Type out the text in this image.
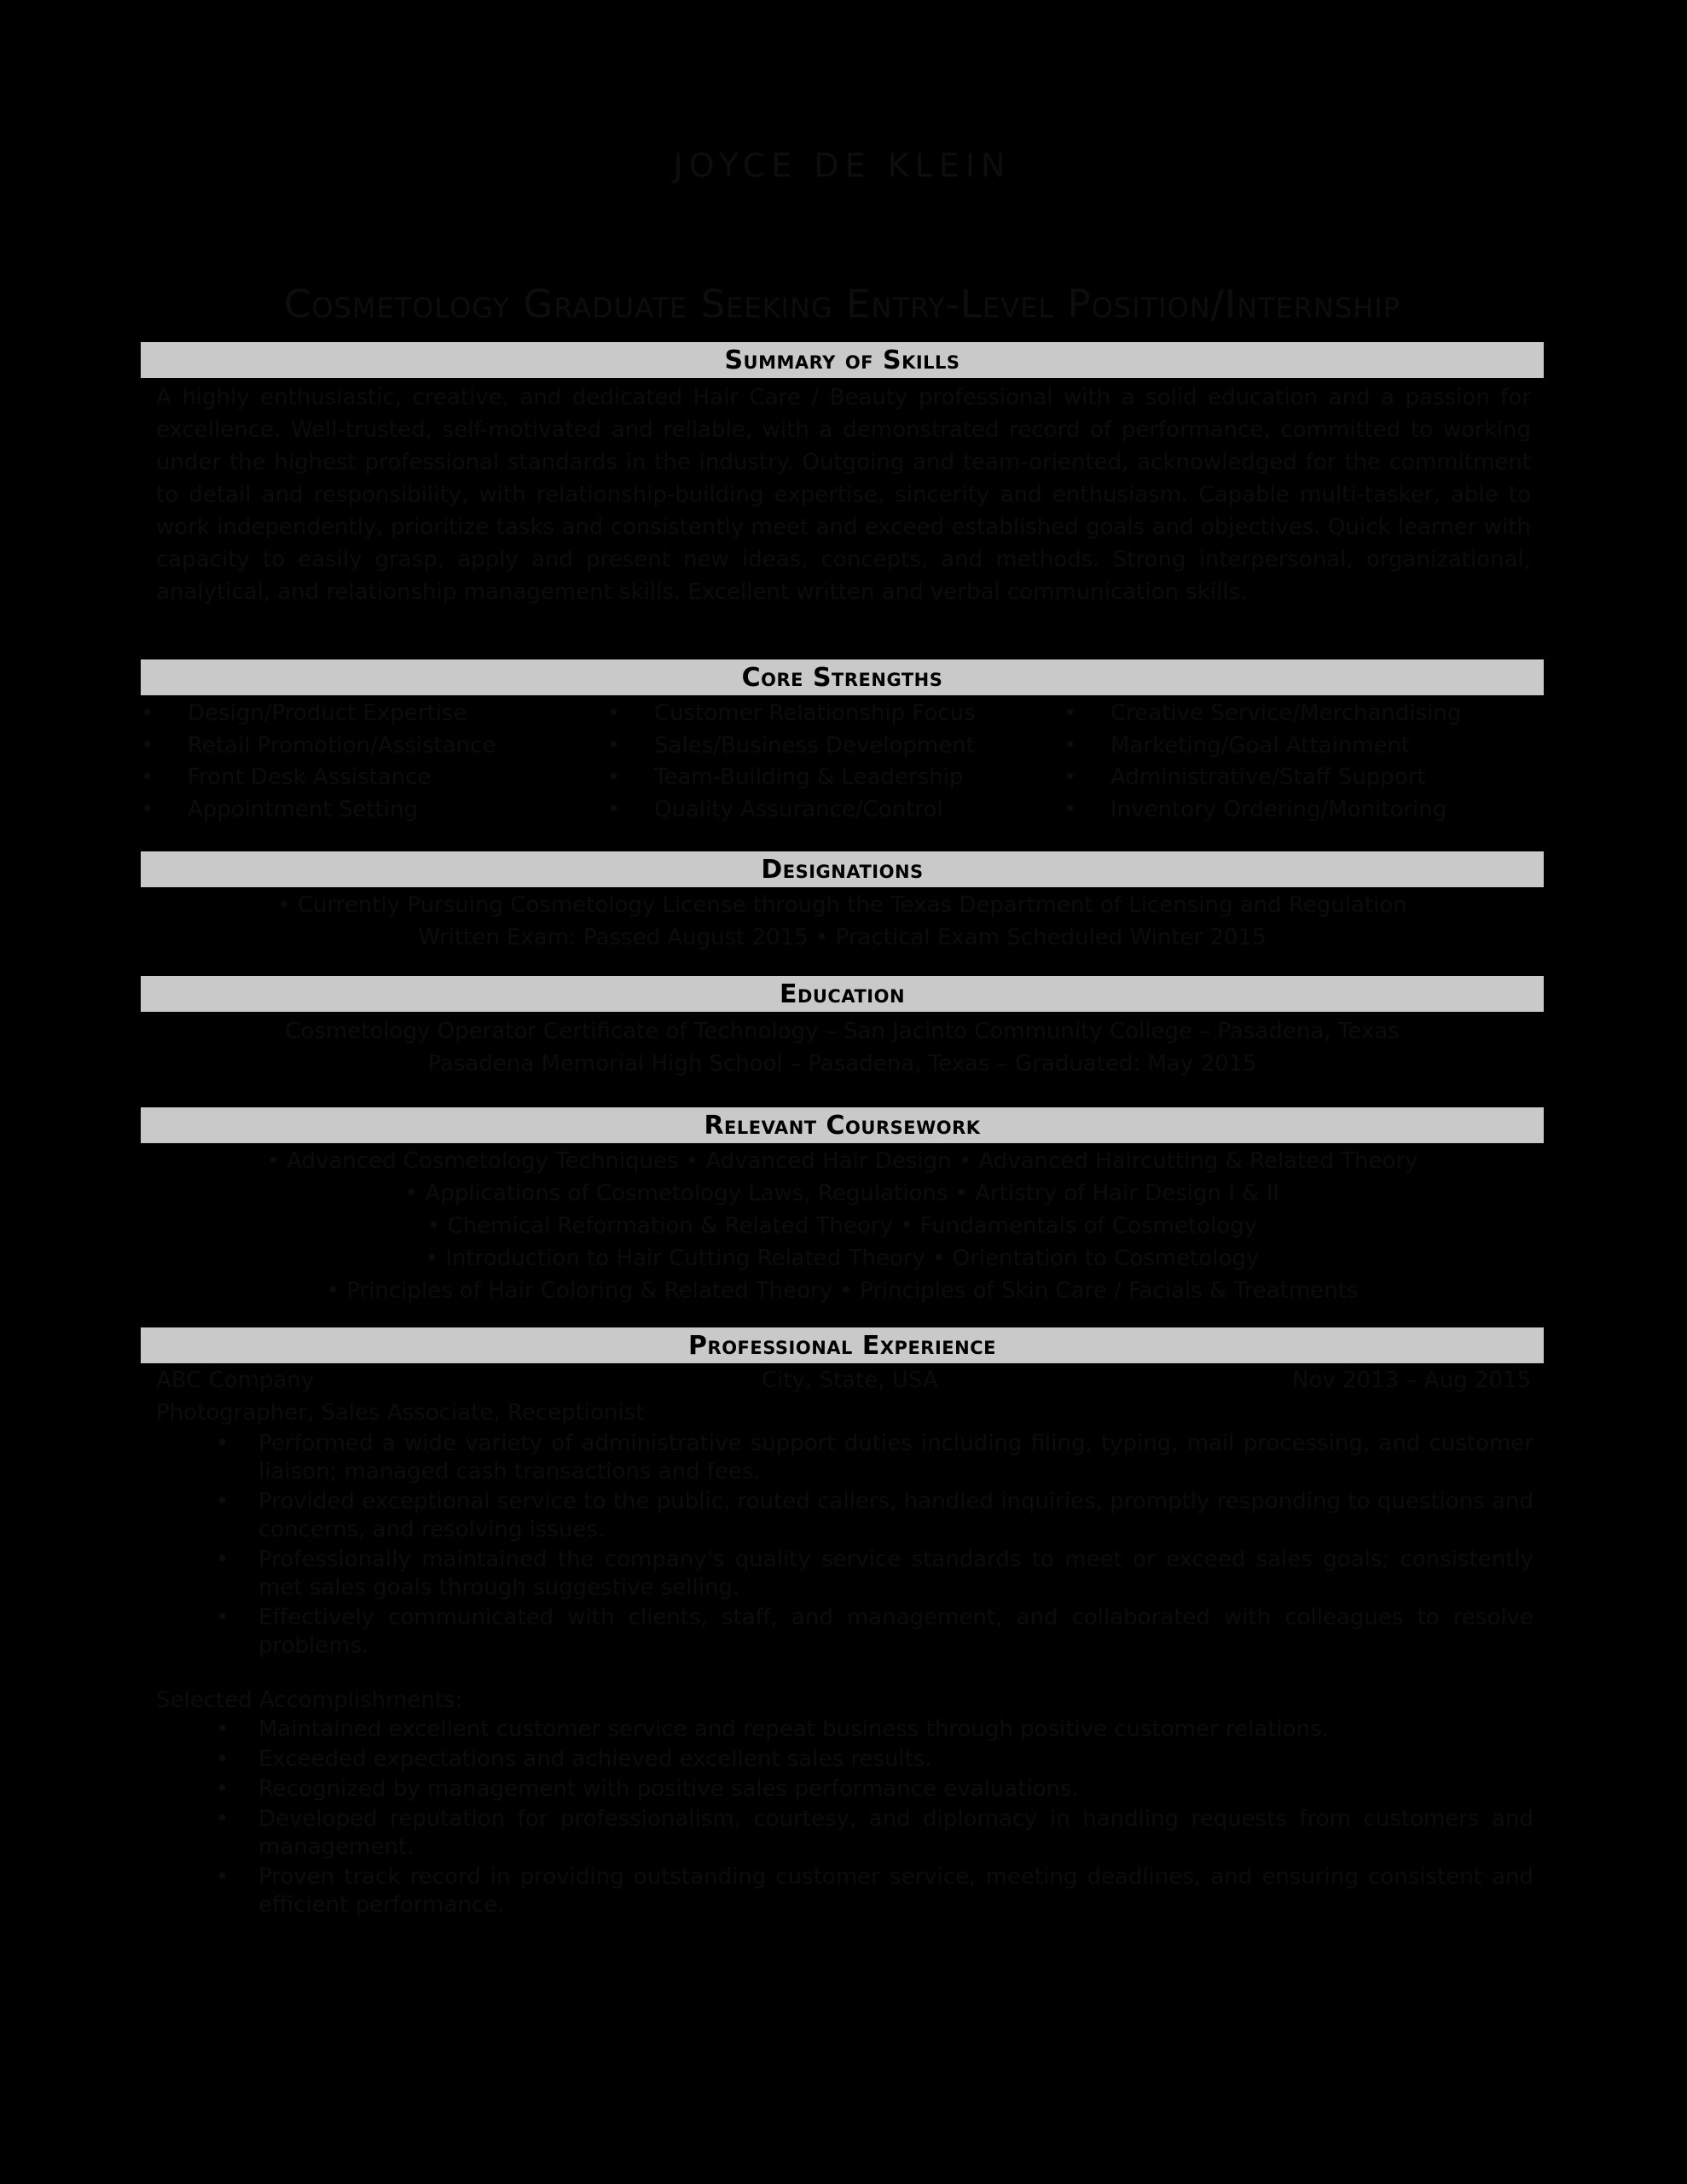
JOYCE DE KLEIN
Cosmetology Graduate Seeking Entry-Level Position/Internship
Summary of Skills
A highly enthusiastic, creative, and dedicated Hair Care / Beauty professional with a solid education and a passion for excellence. Well-trusted, self-motivated and reliable, with a demonstrated record of performance, committed to working under the highest professional standards in the industry. Outgoing and team-oriented, acknowledged for the commitment to detail and responsibility, with relationship-building expertise, sincerity and enthusiasm. Capable multi-tasker, able to work independently, prioritize tasks and consistently meet and exceed established goals and objectives. Quick learner with capacity to easily grasp, apply and present new ideas, concepts, and methods. Strong interpersonal, organizational, analytical, and relationship management skills. Excellent written and verbal communication skills.
Core Strengths
• Design/Product Expertise
• Retail Promotion/Assistance
• Front Desk Assistance
• Appointment Setting
• Customer Relationship Focus
• Sales/Business Development
• Team-Building & Leadership
• Quality Assurance/Control
• Creative Service/Merchandising
• Marketing/Goal Attainment
• Administrative/Staff Support
• Inventory Ordering/Monitoring
Designations
• Currently Pursuing Cosmetology License through the Texas Department of Licensing and Regulation
Written Exam: Passed August 2015 • Practical Exam Scheduled Winter 2015
Education
Cosmetology Operator Certificate of Technology – San Jacinto Community College – Pasadena, Texas
Pasadena Memorial High School – Pasadena, Texas – Graduated: May 2015
Relevant Coursework
• Advanced Cosmetology Techniques • Advanced Hair Design • Advanced Haircutting & Related Theory
• Applications of Cosmetology Laws, Regulations • Artistry of Hair Design I & II
• Chemical Reformation & Related Theory • Fundamentals of Cosmetology
• Introduction to Hair Cutting Related Theory • Orientation to Cosmetology
• Principles of Hair Coloring & Related Theory • Principles of Skin Care / Facials & Treatments
Professional Experience
ABC Company	City, State, USA	Nov 2013 – Aug 2015
Photographer, Sales Associate, Receptionist
• Performed a wide variety of administrative support duties including filing, typing, mail processing, and customer liaison; managed cash transactions and fees.
• Provided exceptional service to the public, routed callers, handled inquiries, promptly responding to questions and concerns, and resolving issues.
• Professionally maintained the company's quality service standards to meet or exceed sales goals; consistently met sales goals through suggestive selling.
• Effectively communicated with clients, staff, and management, and collaborated with colleagues to resolve problems.
Selected Accomplishments:
• Maintained excellent customer service and repeat business through positive customer relations.
• Exceeded expectations and achieved excellent sales results.
• Recognized by management with positive sales performance evaluations.
• Developed reputation for professionalism, courtesy, and diplomacy in handling requests from customers and management.
• Proven track record in providing outstanding customer service, meeting deadlines, and ensuring consistent and efficient performance.
